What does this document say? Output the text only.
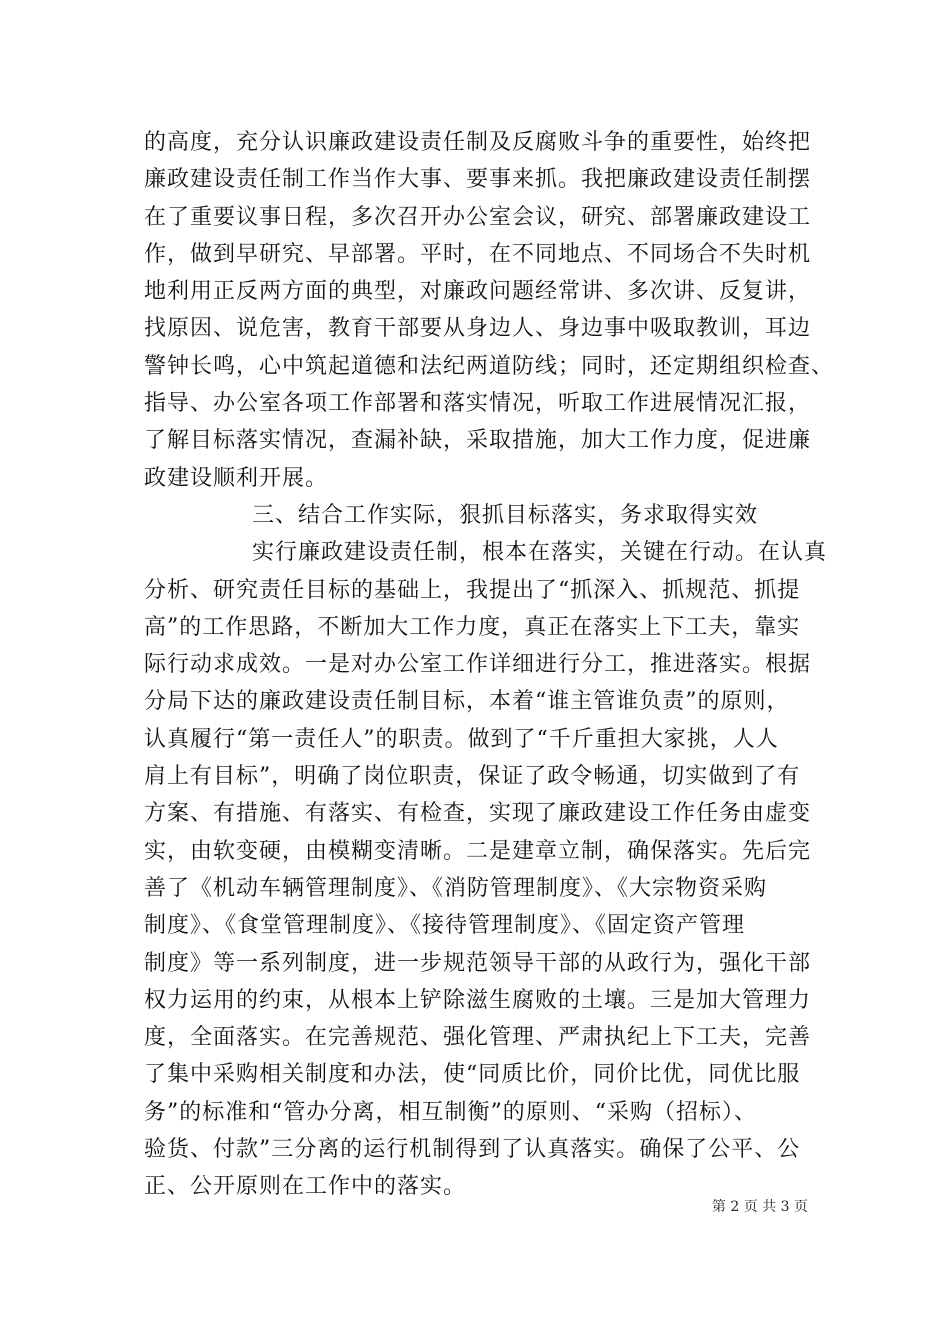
的高度，充分认识廉政建设责任制及反腐败斗争的重要性，始终把
廉政建设责任制工作当作大事、要事来抓。我把廉政建设责任制摆
在了重要议事日程，多次召开办公室会议，研究、部署廉政建设工
作，做到早研究、早部署。平时，在不同地点、不同场合不失时机
地利用正反两方面的典型，对廉政问题经常讲、多次讲、反复讲，
找原因、说危害，教育干部要从身边人、身边事中吸取教训，耳边
警钟长鸣，心中筑起道德和法纪两道防线；同时，还定期组织检查、
指导、办公室各项工作部署和落实情况，听取工作进展情况汇报，
了解目标落实情况，查漏补缺，采取措施，加大工作力度，促进廉
政建设顺利开展。
三、结合工作实际，狠抓目标落实，务求取得实效
实行廉政建设责任制，根本在落实，关键在行动。在认真
分析、研究责任目标的基础上，我提出了“抓深入、抓规范、抓提
高”的工作思路，不断加大工作力度，真正在落实上下工夫，靠实
际行动求成效。一是对办公室工作详细进行分工，推进落实。根据
分局下达的廉政建设责任制目标，本着“谁主管谁负责”的原则，
认真履行“第一责任人”的职责。做到了“千斤重担大家挑，人人
肩上有目标”，明确了岗位职责，保证了政令畅通，切实做到了有
方案、有措施、有落实、有检查，实现了廉政建设工作任务由虚变
实，由软变硬，由模糊变清晰。二是建章立制，确保落实。先后完
善了《机动车辆管理制度》、《消防管理制度》、《大宗物资采购
制度》、《食堂管理制度》、《接待管理制度》、《固定资产管理
制度》等一系列制度，进一步规范领导干部的从政行为，强化干部
权力运用的约束，从根本上铲除滋生腐败的土壤。三是加大管理力
度，全面落实。在完善规范、强化管理、严肃执纪上下工夫，完善
了集中采购相关制度和办法，使“同质比价，同价比优，同优比服
务”的标准和“管办分离，相互制衡”的原则、“采购（招标）、
验货、付款”三分离的运行机制得到了认真落实。确保了公平、公
正、公开原则在工作中的落实。
第 2 页 共 3 页
